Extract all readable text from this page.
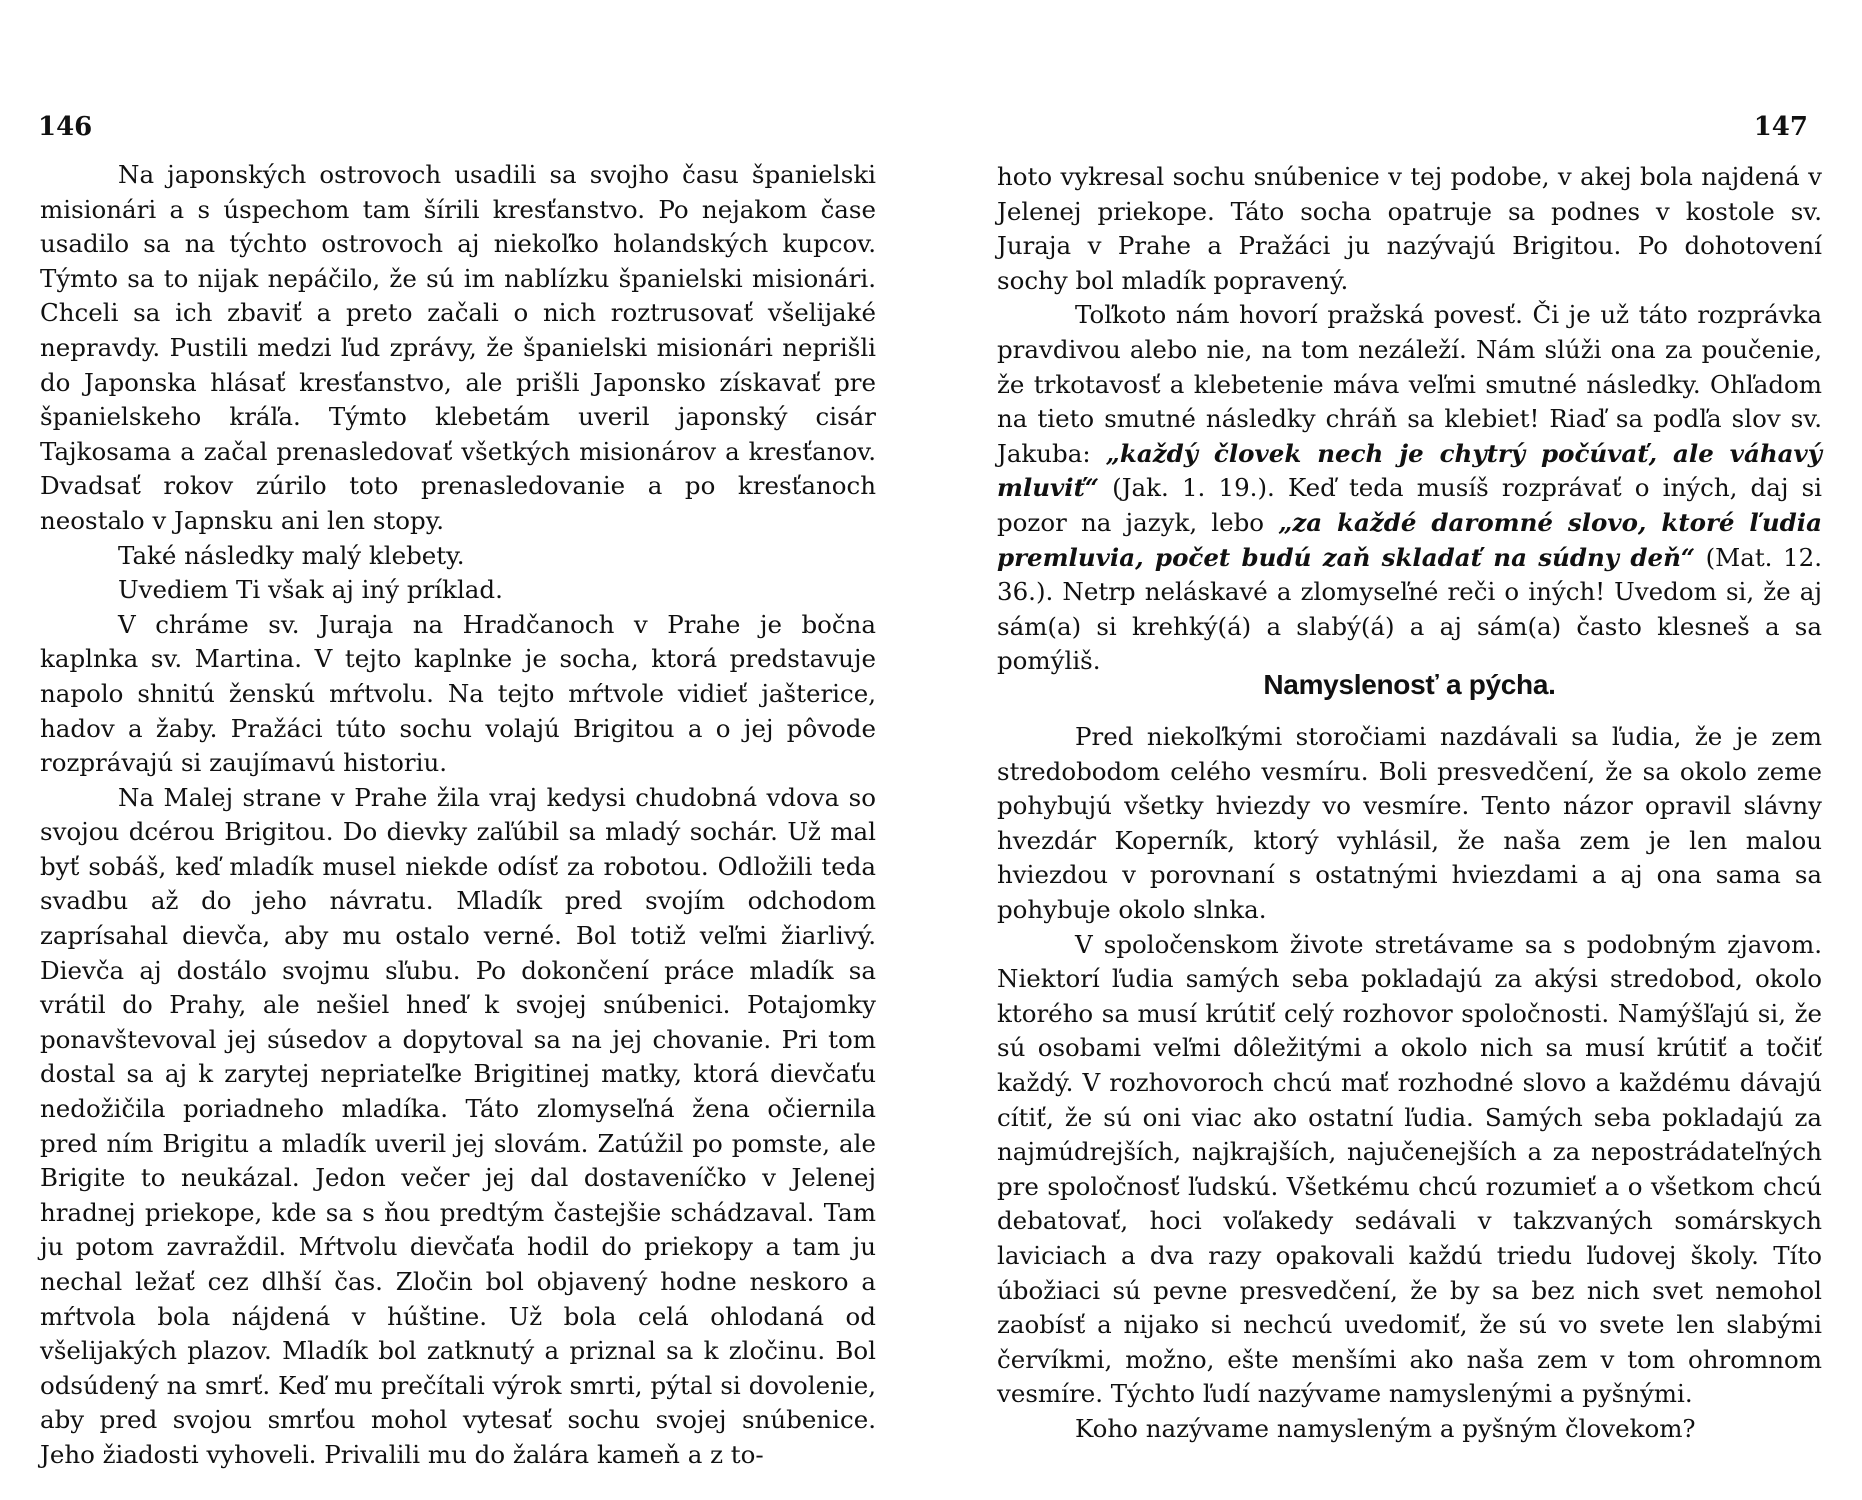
146

Na japonských ostrovoch usadili sa svojho času španielski misionári a s úspechom tam šírili kresťanstvo. Po nejakom čase usadilo sa na týchto ostrovoch aj niekoľko holandských kupcov. Týmto sa to nijak nepáčilo, že sú im nablízku španielski misionári. Chceli sa ich zbaviť a preto začali o nich roztrusovať všelijaké nepravdy. Pustili medzi ľud zprávy, že španielski misionári neprišli do Japonska hlásať kresťanstvo, ale prišli Japonsko získavať pre španielskeho kráľa. Týmto klebetám uveril japonský cisár Tajkosama a začal prenasledovať všetkých misionárov a kresťanov. Dvadsať rokov zúrilo toto prenasledovanie a po kresťanoch neostalo v Japnsku ani len stopy.

Také následky malý klebety.

Uvediem Ti však aj iný príklad.

V chráme sv. Juraja na Hradčanoch v Prahe je bočna kaplnka sv. Martina. V tejto kaplnke je socha, ktorá predstavuje napolo shnitú ženskú mŕtvolu. Na tejto mŕtvole vidieť jašterice, hadov a žaby. Pražáci túto sochu volajú Brigitou a o jej pôvode rozprávajú si zaujímavú historiu.

Na Malej strane v Prahe žila vraj kedysi chudobná vdova so svojou dcérou Brigitou. Do dievky zaľúbil sa mladý sochár. Už mal byť sobáš, keď mladík musel niekde odísť za robotou. Odložili teda svadbu až do jeho návratu. Mladík pred svojím odchodom zaprísahal dievča, aby mu ostalo verné. Bol totiž veľmi žiarlivý. Dievča aj dostálo svojmu sľubu. Po dokončení práce mladík sa vrátil do Prahy, ale nešiel hneď k svojej snúbenici. Potajomky ponavštevoval jej súsedov a dopytoval sa na jej chovanie. Pri tom dostal sa aj k zarytej nepriateľke Brigitinej matky, ktorá dievčaťu nedožičila poriadneho mladíka. Táto zlomyseľná žena očiernila pred ním Brigitu a mladík uveril jej slovám. Zatúžil po pomste, ale Brigite to neukázal. Jedon večer jej dal dostaveníčko v Jelenej hradnej priekope, kde sa s ňou predtým častejšie schádzaval. Tam ju potom zavraždil. Mŕtvolu dievčaťa hodil do priekopy a tam ju nechal ležať cez dlhší čas. Zločin bol objavený hodne neskoro a mŕtvola bola nájdená v húštine. Už bola celá ohlodaná od všelijakých plazov. Mladík bol zatknutý a priznal sa k zločinu. Bol odsúdený na smrť. Keď mu prečítali výrok smrti, pýtal si dovolenie, aby pred svojou smrťou mohol vytesať sochu svojej snúbenice. Jeho žiadosti vyhoveli. Privalili mu do žalára kameň a z to-

147

hoto vykresal sochu snúbenice v tej podobe, v akej bola najdená v Jelenej priekope. Táto socha opatruje sa podnes v kostole sv. Juraja v Prahe a Pražáci ju nazývajú Brigitou. Po dohotovení sochy bol mladík popravený.

Toľkoto nám hovorí pražská povesť. Či je už táto rozprávka pravdivou alebo nie, na tom nezáleží. Nám slúži ona za poučenie, že trkotavosť a klebetenie máva veľmi smutné následky. Ohľadom na tieto smutné následky chráň sa klebiet! Riaď sa podľa slov sv. Jakuba: „každý človek nech je chytrý počúvať, ale váhavý mluviť“ (Jak. 1. 19.). Keď teda musíš rozprávať o iných, daj si pozor na jazyk, lebo „za každé daromné slovo, ktoré ľudia premluvia, počet budú zaň skladať na súdny deň“ (Mat. 12. 36.). Netrp neláskavé a zlomyseľné reči o iných! Uvedom si, že aj sám(a) si krehký(á) a slabý(á) a aj sám(a) často klesneš a sa pomýliš.

Namyslenosť a pýcha.

Pred niekoľkými storočiami nazdávali sa ľudia, že je zem stredobodom celého vesmíru. Boli presvedčení, že sa okolo zeme pohybujú všetky hviezdy vo vesmíre. Tento názor opravil slávny hvezdár Koperník, ktorý vyhlásil, že naša zem je len malou hviezdou v porovnaní s ostatnými hviezdami a aj ona sama sa pohybuje okolo slnka.

V spoločenskom živote stretávame sa s podobným zjavom. Niektorí ľudia samých seba pokladajú za akýsi stredobod, okolo ktorého sa musí krútiť celý rozhovor spoločnosti. Namýšľajú si, že sú osobami veľmi dôležitými a okolo nich sa musí krútiť a točiť každý. V rozhovoroch chcú mať rozhodné slovo a každému dávajú cítiť, že sú oni viac ako ostatní ľudia. Samých seba pokladajú za najmúdrejších, najkrajších, najučenejších a za nepostrádateľných pre spoločnosť ľudskú. Všetkému chcú rozumieť a o všetkom chcú debatovať, hoci voľakedy sedávali v takzvaných somárskych laviciach a dva razy opakovali každú triedu ľudovej školy. Títo úbožiaci sú pevne presvedčení, že by sa bez nich svet nemohol zaobísť a nijako si nechcú uvedomiť, že sú vo svete len slabými červíkmi, možno, ešte menšími ako naša zem v tom ohromnom vesmíre. Týchto ľudí nazývame namyslenými a pyšnými.

Koho nazývame namysleným a pyšným človekom?
